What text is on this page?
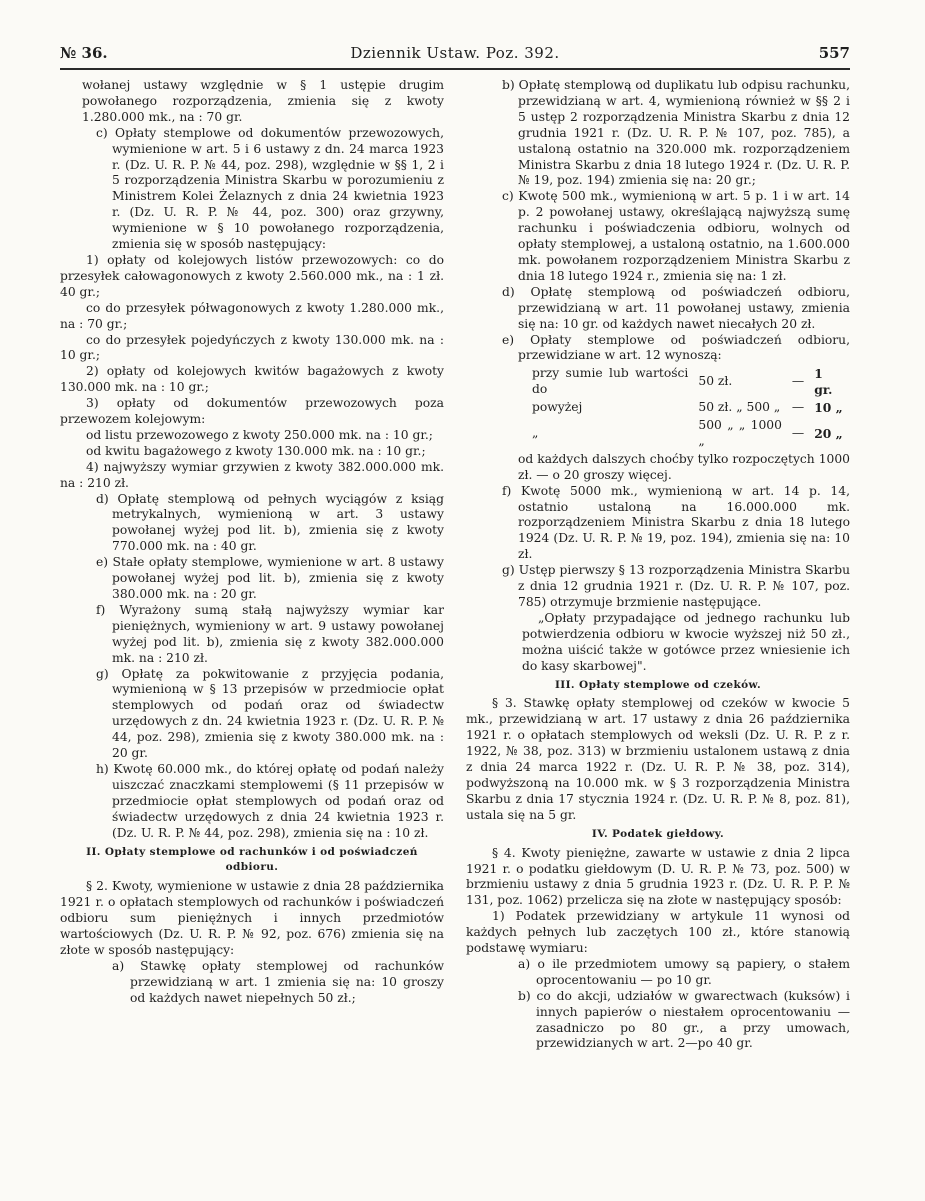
№ 36.	Dziennik Ustaw. Poz. 392.	557

wołanej ustawy względnie w § 1 ustępie drugim powołanego rozporządzenia, zmienia się z kwoty 1.280.000 mk., na : 70 gr.

c) Opłaty stemplowe od dokumentów przewozowych, wymienione w art. 5 i 6 ustawy z dn. 24 marca 1923 r. (Dz. U. R. P. № 44, poz. 298), względnie w §§ 1, 2 i 5 rozporządzenia Ministra Skarbu w porozumieniu z Ministrem Kolei Żelaznych z dnia 24 kwietnia 1923 r. (Dz. U. R. P. № 44, poz. 300) oraz grzywny, wymienione w § 10 powołanego rozporządzenia, zmienia się w sposób następujący:

1) opłaty od kolejowych listów przewozowych: co do przesyłek całowagonowych z kwoty 2.560.000 mk., na : 1 zł. 40 gr.;

co do przesyłek półwagonowych z kwoty 1.280.000 mk., na : 70 gr.;

co do przesyłek pojedyńczych z kwoty 130.000 mk. na : 10 gr.;

2) opłaty od kolejowych kwitów bagażowych z kwoty 130.000 mk. na : 10 gr.;

3) opłaty od dokumentów przewozowych poza przewozem kolejowym:

od listu przewozowego z kwoty 250.000 mk. na : 10 gr.;

od kwitu bagażowego z kwoty 130.000 mk. na : 10 gr.;

4) najwyższy wymiar grzywien z kwoty 382.000.000 mk. na : 210 zł.

d) Opłatę stemplową od pełnych wyciągów z ksiąg metrykalnych, wymienioną w art. 3 ustawy powołanej wyżej pod lit. b), zmienia się z kwoty 770.000 mk. na : 40 gr.

e) Stałe opłaty stemplowe, wymienione w art. 8 ustawy powołanej wyżej pod lit. b), zmienia się z kwoty 380.000 mk. na : 20 gr.

f) Wyrażony sumą stałą najwyższy wymiar kar pieniężnych, wymieniony w art. 9 ustawy powołanej wyżej pod lit. b), zmienia się z kwoty 382.000.000 mk. na : 210 zł.

g) Opłatę za pokwitowanie z przyjęcia podania, wymienioną w § 13 przepisów w przedmiocie opłat stemplowych od podań oraz od świadectw urzędowych z dn. 24 kwietnia 1923 r. (Dz. U. R. P. № 44, poz. 298), zmienia się z kwoty 380.000 mk. na : 20 gr.

h) Kwotę 60.000 mk., do której opłatę od podań należy uiszczać znaczkami stemplowemi (§ 11 przepisów w przedmiocie opłat stemplowych od podań oraz od świadectw urzędowych z dnia 24 kwietnia 1923 r. (Dz. U. R. P. № 44, poz. 298), zmienia się na : 10 zł.

II. Opłaty stemplowe od rachunków i od poświadczeń odbioru.

§ 2. Kwoty, wymienione w ustawie z dnia 28 października 1921 r. o opłatach stemplowych od rachunków i poświadczeń odbioru sum pieniężnych i innych przedmiotów wartościowych (Dz. U. R. P. № 92, poz. 676) zmienia się na złote w sposób następujący:

a) Stawkę opłaty stemplowej od rachunków przewidzianą w art. 1 zmienia się na: 10 groszy od każdych nawet niepełnych 50 zł.;

b) Opłatę stemplową od duplikatu lub odpisu rachunku, przewidzianą w art. 4, wymienioną również w §§ 2 i 5 ustęp 2 rozporządzenia Ministra Skarbu z dnia 12 grudnia 1921 r. (Dz. U. R. P. № 107, poz. 785), a ustaloną ostatnio na 320.000 mk. rozporządzeniem Ministra Skarbu z dnia 18 lutego 1924 r. (Dz. U. R. P. № 19, poz. 194) zmienia się na: 20 gr.;

c) Kwotę 500 mk., wymienioną w art. 5 p. 1 i w art. 14 p. 2 powołanej ustawy, określającą najwyższą sumę rachunku i poświadczenia odbioru, wolnych od opłaty stemplowej, a ustaloną ostatnio, na 1.600.000 mk. powołanem rozporządzeniem Ministra Skarbu z dnia 18 lutego 1924 r., zmienia się na: 1 zł.

d) Opłatę stemplową od poświadczeń odbioru, przewidzianą w art. 11 powołanej ustawy, zmienia się na: 10 gr. od każdych nawet niecałych 20 zł.

e) Opłaty stemplowe od poświadczeń odbioru, przewidziane w art. 12 wynoszą:

przy sumie lub wartości do	50 zł.	—	1 gr.
powyżej	50 zł. „ 500 „	—	10 „
„	500 „ „ 1000 „	—	20 „

od każdych dalszych choćby tylko rozpoczętych 1000 zł. — o 20 groszy więcej.

f) Kwotę 5000 mk., wymienioną w art. 14 p. 14, ostatnio ustaloną na 16.000.000 mk. rozporządzeniem Ministra Skarbu z dnia 18 lutego 1924 (Dz. U. R. P. № 19, poz. 194), zmienia się na: 10 zł.

g) Ustęp pierwszy § 13 rozporządzenia Ministra Skarbu z dnia 12 grudnia 1921 r. (Dz. U. R. P. № 107, poz. 785) otrzymuje brzmienie następujące.

„Opłaty przypadające od jednego rachunku lub potwierdzenia odbioru w kwocie wyższej niż 50 zł., można uiścić także w gotówce przez wniesienie ich do kasy skarbowej".

III. Opłaty stemplowe od czeków.

§ 3. Stawkę opłaty stemplowej od czeków w kwocie 5 mk., przewidzianą w art. 17 ustawy z dnia 26 października 1921 r. o opłatach stemplowych od weksli (Dz. U. R. P. z r. 1922, № 38, poz. 313) w brzmieniu ustalonem ustawą z dnia z dnia 24 marca 1922 r. (Dz. U. R. P. № 38, poz. 314), podwyższoną na 10.000 mk. w § 3 rozporządzenia Ministra Skarbu z dnia 17 stycznia 1924 r. (Dz. U. R. P. № 8, poz. 81), ustala się na 5 gr.

IV. Podatek giełdowy.

§ 4. Kwoty pieniężne, zawarte w ustawie z dnia 2 lipca 1921 r. o podatku giełdowym (D. U. R. P. № 73, poz. 500) w brzmieniu ustawy z dnia 5 grudnia 1923 r. (Dz. U. R. P. P. № 131, poz. 1062) przelicza się na złote w następujący sposób:

1) Podatek przewidziany w artykule 11 wynosi od każdych pełnych lub zaczętych 100 zł., które stanowią podstawę wymiaru:

a) o ile przedmiotem umowy są papiery, o stałem oprocentowaniu — po 10 gr.

b) co do akcji, udziałów w gwarectwach (kuksów) i innych papierów o niestałem oprocentowaniu — zasadniczo po 80 gr., a przy umowach, przewidzianych w art. 2—po 40 gr.
